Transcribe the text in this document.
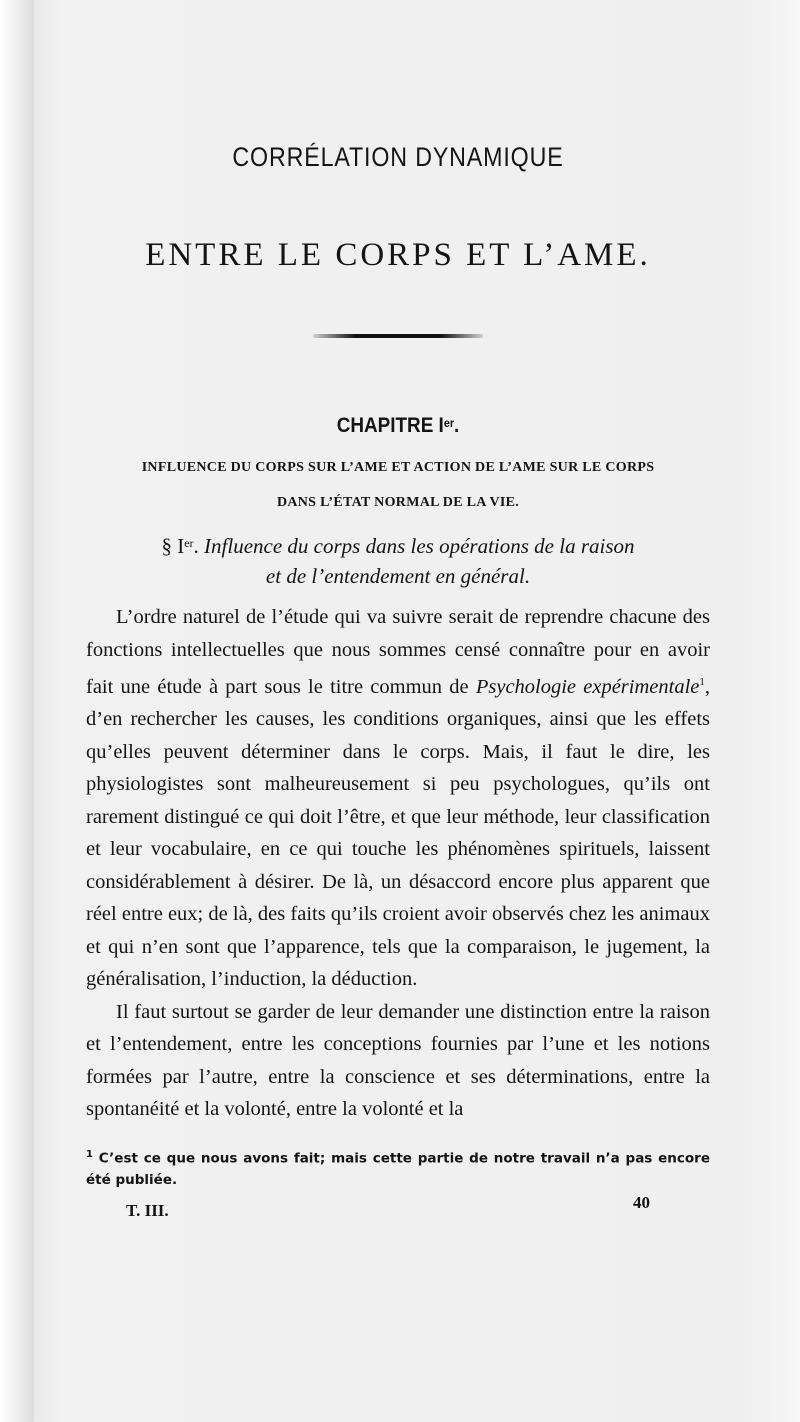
CORRÉLATION DYNAMIQUE
ENTRE LE CORPS ET L’AME.
CHAPITRE Ier.
INFLUENCE DU CORPS SUR L’AME ET ACTION DE L’AME SUR LE CORPS
DANS L’ÉTAT NORMAL DE LA VIE.
§ Ier. Influence du corps dans les opérations de la raison
et de l’entendement en général.

L’ordre naturel de l’étude qui va suivre serait de reprendre chacune des fonctions intellectuelles que nous sommes censé connaître pour en avoir fait une étude à part sous le titre commun de Psychologie expérimentale$^1$, d’en rechercher les causes, les conditions organiques, ainsi que les effets qu’elles peuvent déterminer dans le corps. Mais, il faut le dire, les physiologistes sont malheureusement si peu psychologues, qu’ils ont rarement distingué ce qui doit l’être, et que leur méthode, leur classification et leur vocabulaire, en ce qui touche les phénomènes spirituels, laissent considérablement à désirer. De là, un désaccord encore plus apparent que réel entre eux; de là, des faits qu’ils croient avoir observés chez les animaux et qui n’en sont que l’apparence, tels que la comparaison, le jugement, la généralisation, l’induction, la déduction.

Il faut surtout se garder de leur demander une distinction entre la raison et l’entendement, entre les conceptions fournies par l’une et les notions formées par l’autre, entre la conscience et ses déterminations, entre la spontanéité et la volonté, entre la volonté et la

$^1$ C’est ce que nous avons fait; mais cette partie de notre travail n’a pas encore été publiée.
T. III.	40
